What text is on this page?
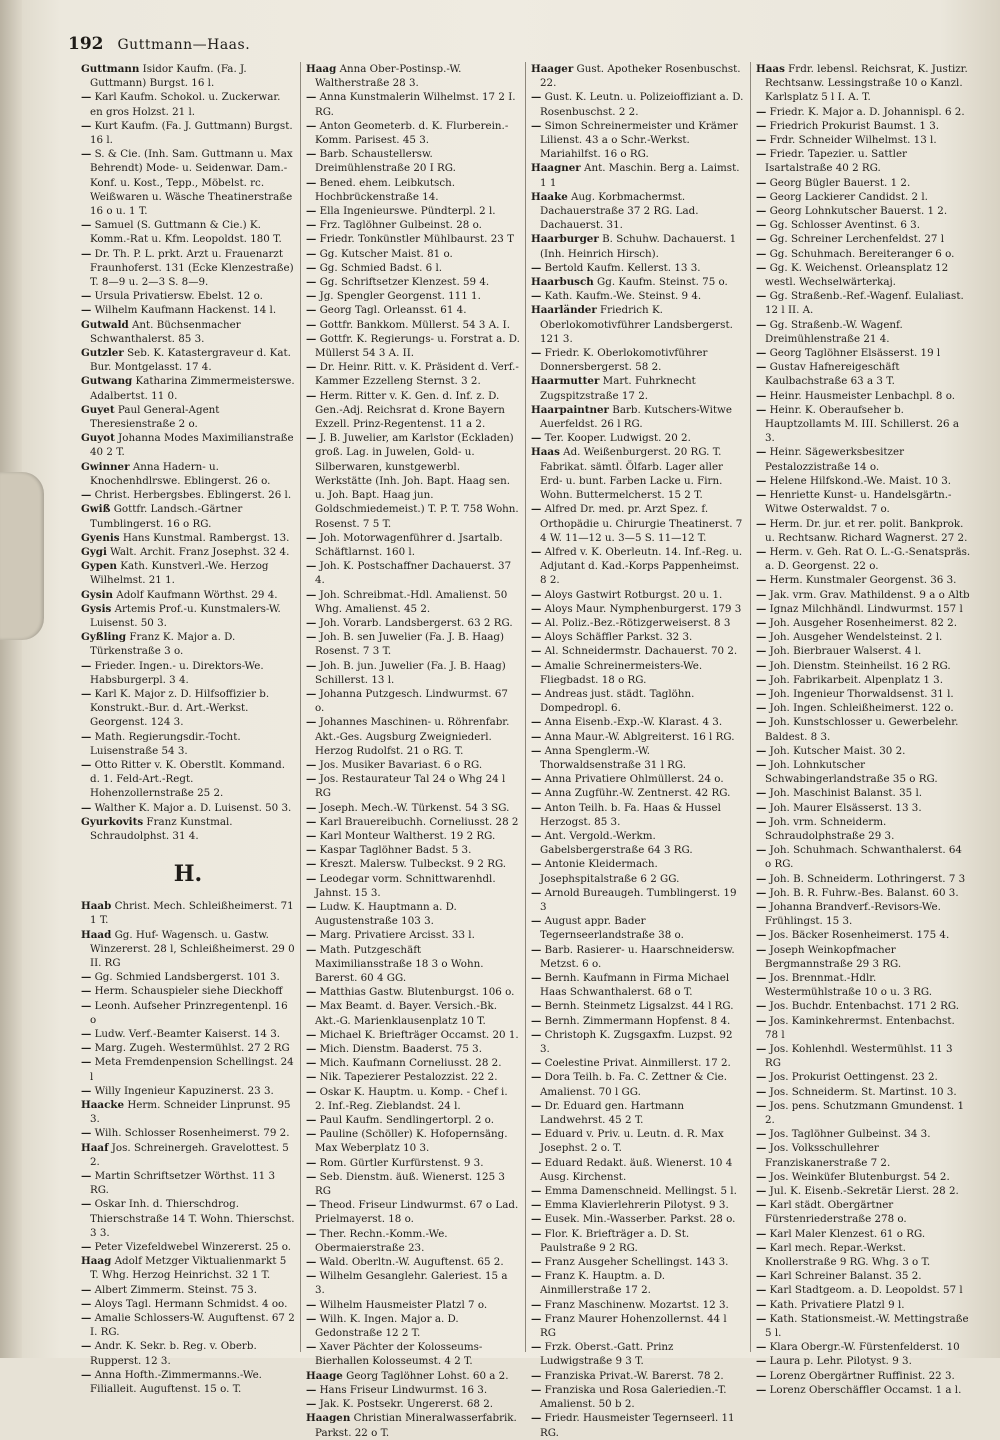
192 Guttmann—Haas.

Guttmann Isidor Kaufm. (Fa. J. Guttmann) Burgst. 16 l.

— Karl Kaufm. Schokol. u. Zuckerwar. en gros Holzst. 21 l.

— Kurt Kaufm. (Fa. J. Guttmann) Burgst. 16 l.

— S. & Cie. (Inh. Sam. Guttmann u. Max Behrendt) Mode- u. Seidenwar. Dam.-Konf. u. Kost., Tepp., Möbelst. rc. Weißwaren u. Wäsche Theatinerstraße 16 o u. 1 T.

— Samuel (S. Guttmann & Cie.) K. Komm.-Rat u. Kfm. Leopoldst. 180 T.

— Dr. Th. P. L. prkt. Arzt u. Frauenarzt Fraunhoferst. 131 (Ecke Klenzestraße) T. 8—9 u. 2—3 S. 8—9.

— Ursula Privatiersw. Ebelst. 12 o.

— Wilhelm Kaufmann Hackenst. 14 l.

Gutwald Ant. Büchsenmacher Schwanthalerst. 85 3.

Gutzler Seb. K. Katastergraveur d. Kat. Bur. Montgelasst. 17 4.

Gutwang Katharina Zimmermeisterswe. Adalbertst. 11 0.

Guyet Paul General-Agent Theresienstraße 2 o.

Guyot Johanna Modes Maximilianstraße 40 2 T.

Gwinner Anna Hadern- u. Knochenhdlrswe. Eblingerst. 26 o.

— Christ. Herbergsbes. Eblingerst. 26 l.

Gwiß Gottfr. Landsch.-Gärtner Tumblingerst. 16 o RG.

Gyenis Hans Kunstmal. Rambergst. 13.

Gygi Walt. Archit. Franz Josephst. 32 4.

Gypen Kath. Kunstverl.-We. Herzog Wilhelmst. 21 1.

Gysin Adolf Kaufmann Wörthst. 29 4.

Gysis Artemis Prof.-u. Kunstmalers-W. Luisenst. 50 3.

Gyßling Franz K. Major a. D. Türkenstraße 3 o.

— Frieder. Ingen.- u. Direktors-We. Habsburgerpl. 3 4.

— Karl K. Major z. D. Hilfsoffizier b. Konstrukt.-Bur. d. Art.-Werkst. Georgenst. 124 3.

— Math. Regierungsdir.-Tocht. Luisenstraße 54 3.

— Otto Ritter v. K. Oberstlt. Kommand. d. 1. Feld-Art.-Regt. Hohenzollernstraße 25 2.

— Walther K. Major a. D. Luisenst. 50 3.

Gyurkovits Franz Kunstmal. Schraudolphst. 31 4.

H.

Haab Christ. Mech. Schleißheimerst. 71 1 T.

Haad Gg. Huf- Wagensch. u. Gastw. Winzererst. 28 l, Schleißheimerst. 29 0 II. RG

— Gg. Schmied Landsbergerst. 101 3.

— Herm. Schauspieler siehe Dieckhoff

— Leonh. Aufseher Prinzregentenpl. 16 o

— Ludw. Verf.-Beamter Kaiserst. 14 3.

— Marg. Zugeh. Westermühlst. 27 2 RG

— Meta Fremdenpension Schellingst. 24 l

— Willy Ingenieur Kapuzinerst. 23 3.

Haacke Herm. Schneider Linprunst. 95 3.

— Wilh. Schlosser Rosenheimerst. 79 2.

Haaf Jos. Schreinergeh. Gravelottest. 5 2.

— Martin Schriftsetzer Wörthst. 11 3 RG.

— Oskar Inh. d. Thierschdrog. Thierschstraße 14 T. Wohn. Thierschst. 3 3.

— Peter Vizefeldwebel Winzererst. 25 o.

Haag Adolf Metzger Viktualienmarkt 5 T. Whg. Herzog Heinrichst. 32 1 T.

— Albert Zimmerm. Steinst. 75 3.

— Aloys Tagl. Hermann Schmidst. 4 oo.

— Amalie Schlossers-W. Auguftenst. 67 2 I. RG.

— Andr. K. Sekr. b. Reg. v. Oberb. Rupperst. 12 3.

— Anna Hofth.-Zimmermanns.-We. Filialleit. Auguftenst. 15 o. T.

Haag Anna Ober-Postinsp.-W. Waltherstraße 28 3.

— Anna Kunstmalerin Wilhelmst. 17 2 I. RG.

— Anton Geometerb. d. K. Flurberein.-Komm. Parisest. 45 3.

— Barb. Schaustellersw. Dreimühlenstraße 20 I RG.

— Bened. ehem. Leibkutsch. Hochbrückenstraße 14.

— Ella Ingenieurswe. Pündterpl. 2 l.

— Frz. Taglöhner Gulbeinst. 28 o.

— Friedr. Tonkünstler Mühlbaurst. 23 T

— Gg. Kutscher Maist. 81 o.

— Gg. Schmied Badst. 6 l.

— Gg. Schriftsetzer Klenzest. 59 4.

— Jg. Spengler Georgenst. 111 1.

— Georg Tagl. Orleansst. 61 4.

— Gottfr. Bankkom. Müllerst. 54 3 A. I.

— Gottfr. K. Regierungs- u. Forstrat a. D. Müllerst 54 3 A. II.

— Dr. Heinr. Ritt. v. K. Präsident d. Verf.-Kammer Ezzelleng Sternst. 3 2.

— Herm. Ritter v. K. Gen. d. Inf. z. D. Gen.-Adj. Reichsrat d. Krone Bayern Exzell. Prinz-Regentenst. 11 a 2.

— J. B. Juwelier, am Karlstor (Eckladen) groß. Lag. in Juwelen, Gold- u. Silberwaren, kunstgewerbl. Werkstätte (Inh. Joh. Bapt. Haag sen. u. Joh. Bapt. Haag jun. Goldschmiedemeist.) T. P. T. 758 Wohn. Rosenst. 7 5 T.

— Joh. Motorwagenführer d. Jsartalb. Schäftlarnst. 160 l.

— Joh. K. Postschaffner Dachauerst. 37 4.

— Joh. Schreibmat.-Hdl. Amalienst. 50 Whg. Amalienst. 45 2.

— Joh. Vorarb. Landsbergerst. 63 2 RG.

— Joh. B. sen Juwelier (Fa. J. B. Haag) Rosenst. 7 3 T.

— Joh. B. jun. Juwelier (Fa. J. B. Haag) Schillerst. 13 l.

— Johanna Putzgesch. Lindwurmst. 67 o.

— Johannes Maschinen- u. Röhrenfabr. Akt.-Ges. Augsburg Zweigniederl. Herzog Rudolfst. 21 o RG. T.

— Jos. Musiker Bavariast. 6 o RG.

— Jos. Restaurateur Tal 24 o Whg 24 l RG

— Joseph. Mech.-W. Türkenst. 54 3 SG.

— Karl Brauereibuchh. Corneliusst. 28 2

— Karl Monteur Waltherst. 19 2 RG.

— Kaspar Taglöhner Badst. 5 3.

— Kreszt. Malersw. Tulbeckst. 9 2 RG.

— Leodegar vorm. Schnittwarenhdl. Jahnst. 15 3.

— Ludw. K. Hauptmann a. D. Augustenstraße 103 3.

— Marg. Privatiere Arcisst. 33 l.

— Math. Putzgeschäft Maximiliansstraße 18 3 o Wohn. Barerst. 60 4 GG.

— Matthias Gastw. Blutenburgst. 106 o.

— Max Beamt. d. Bayer. Versich.-Bk. Akt.-G. Marienklausenplatz 10 T.

— Michael K. Briefträger Occamst. 20 1.

— Mich. Dienstm. Baaderst. 75 3.

— Mich. Kaufmann Corneliusst. 28 2.

— Nik. Tapezierer Pestalozzist. 22 2.

— Oskar K. Hauptm. u. Komp. - Chef i. 2. Inf.-Reg. Zieblandst. 24 l.

— Paul Kaufm. Sendlingertorpl. 2 o.

— Pauline (Schöller) K. Hofopernsäng. Max Weberplatz 10 3.

— Rom. Gürtler Kurfürstenst. 9 3.

— Seb. Dienstm. äuß. Wienerst. 125 3 RG

— Theod. Friseur Lindwurmst. 67 o Lad. Prielmayerst. 18 o.

— Ther. Rechn.-Komm.-We. Obermaierstraße 23.

— Wald. Oberltn.-W. Auguftenst. 65 2.

— Wilhelm Gesanglehr. Galeriest. 15 a 3.

— Wilhelm Hausmeister Platzl 7 o.

— Wilh. K. Ingen. Major a. D. Gedonstraße 12 2 T.

— Xaver Pächter der Kolosseums-Bierhallen Kolosseumst. 4 2 T.

Haage Georg Taglöhner Lohst. 60 a 2.

— Hans Friseur Lindwurmst. 16 3.

— Jak. K. Postsekr. Ungererst. 68 2.

Haagen Christian Mineralwasserfabrik. Parkst. 22 o T.

Haager Gust. Apotheker Rosenbuschst. 22.

— Gust. K. Leutn. u. Polizeioffiziant a. D. Rosenbuschst. 2 2.

— Simon Schreinermeister und Krämer Lilienst. 43 a o Schr.-Werkst. Mariahilfst. 16 o RG.

Haagner Ant. Maschin. Berg a. Laimst. 1 1

Haake Aug. Korbmachermst. Dachauerstraße 37 2 RG. Lad. Dachauerst. 31.

Haarburger B. Schuhw. Dachauerst. 1 (Inh. Heinrich Hirsch).

— Bertold Kaufm. Kellerst. 13 3.

Haarbusch Gg. Kaufm. Steinst. 75 o.

— Kath. Kaufm.-We. Steinst. 9 4.

Haarländer Friedrich K. Oberlokomotivführer Landsbergerst. 121 3.

— Friedr. K. Oberlokomotivführer Donnersbergerst. 58 2.

Haarmutter Mart. Fuhrknecht Zugspitzstraße 17 2.

Haarpaintner Barb. Kutschers-Witwe Auerfeldst. 26 l RG.

— Ter. Kooper. Ludwigst. 20 2.

Haas Ad. Weißenburgerst. 20 RG. T. Fabrikat. sämtl. Ölfarb. Lager aller Erd- u. bunt. Farben Lacke u. Firn. Wohn. Buttermelcherst. 15 2 T.

— Alfred Dr. med. pr. Arzt Spez. f. Orthopädie u. Chirurgie Theatinerst. 7 4 W. 11—12 u. 3—5 S. 11—12 T.

— Alfred v. K. Oberleutn. 14. Inf.-Reg. u. Adjutant d. Kad.-Korps Pappenheimst. 8 2.

— Aloys Gastwirt Rotburgst. 20 u. 1.

— Aloys Maur. Nymphenburgerst. 179 3

— Al. Poliz.-Bez.-Rötizgerweiserst. 8 3

— Aloys Schäffler Parkst. 32 3.

— Al. Schneidermstr. Dachauerst. 70 2.

— Amalie Schreinermeisters-We. Fliegbadst. 18 o RG.

— Andreas just. städt. Taglöhn. Dompedropl. 6.

— Anna Eisenb.-Exp.-W. Klarast. 4 3.

— Anna Maur.-W. Ablgreiterst. 16 l RG.

— Anna Spenglerm.-W. Thorwaldsenstraße 31 l RG.

— Anna Privatiere Ohlmüllerst. 24 o.

— Anna Zugführ.-W. Zentnerst. 42 RG.

— Anton Teilh. b. Fa. Haas & Hussel Herzogst. 85 3.

— Ant. Vergold.-Werkm. Gabelsbergerstraße 64 3 RG.

— Antonie Kleidermach. Josephspitalstraße 6 2 GG.

— Arnold Bureaugeh. Tumblingerst. 19 3

— August appr. Bader Tegernseerlandstraße 38 o.

— Barb. Rasierer- u. Haarschneidersw. Metzst. 6 o.

— Bernh. Kaufmann in Firma Michael Haas Schwanthalerst. 68 o T.

— Bernh. Steinmetz Ligsalzst. 44 l RG.

— Bernh. Zimmermann Hopfenst. 8 4.

— Christoph K. Zugsgaxfm. Luzpst. 92 3.

— Coelestine Privat. Ainmillerst. 17 2.

— Dora Teilh. b. Fa. C. Zettner & Cie. Amalienst. 70 l GG.

— Dr. Eduard gen. Hartmann Landwehrst. 45 2 T.

— Eduard v. Priv. u. Leutn. d. R. Max Josephst. 2 o. T.

— Eduard Redakt. äuß. Wienerst. 10 4 Ausg. Kirchenst.

— Emma Damenschneid. Mellingst. 5 l.

— Emma Klavierlehrerin Pilotyst. 9 3.

— Eusek. Min.-Wasserber. Parkst. 28 o.

— Flor. K. Briefträger a. D. St. Paulstraße 9 2 RG.

— Franz Ausgeher Schellingst. 143 3.

— Franz K. Hauptm. a. D. Ainmillerstraße 17 2.

— Franz Maschinenw. Mozartst. 12 3.

— Franz Maurer Hohenzollernst. 44 l RG

— Frzk. Oberst.-Gatt. Prinz Ludwigstraße 9 3 T.

— Franziska Privat.-W. Barerst. 78 2.

— Franziska und Rosa Galeriedien.-T. Amalienst. 50 b 2.

— Friedr. Hausmeister Tegernseerl. 11 RG.

Haas Frdr. lebensl. Reichsrat, K. Justizr. Rechtsanw. Lessingstraße 10 o Kanzl. Karlsplatz 5 l I. A. T.

— Friedr. K. Major a. D. Johannispl. 6 2.

— Friedrich Prokurist Baumst. 1 3.

— Frdr. Schneider Wilhelmst. 13 l.

— Friedr. Tapezier. u. Sattler Isartalstraße 40 2 RG.

— Georg Bügler Bauerst. 1 2.

— Georg Lackierer Candidst. 2 l.

— Georg Lohnkutscher Bauerst. 1 2.

— Gg. Schlosser Aventinst. 6 3.

— Gg. Schreiner Lerchenfeldst. 27 l

— Gg. Schuhmach. Bereiteranger 6 o.

— Gg. K. Weichenst. Orleansplatz 12 westl. Wechselwärterkaj.

— Gg. Straßenb.-Ref.-Wagenf. Eulaliast. 12 l II. A.

— Gg. Straßenb.-W. Wagenf. Dreimühlenstraße 21 4.

— Georg Taglöhner Elsässerst. 19 l

— Gustav Hafnereigeschäft Kaulbachstraße 63 a 3 T.

— Heinr. Hausmeister Lenbachpl. 8 o.

— Heinr. K. Oberaufseher b. Hauptzollamts M. III. Schillerst. 26 a 3.

— Heinr. Sägewerksbesitzer Pestalozzistraße 14 o.

— Helene Hilfskond.-We. Maist. 10 3.

— Henriette Kunst- u. Handelsgärtn.-Witwe Osterwaldst. 7 o.

— Herm. Dr. jur. et rer. polit. Bankprok. u. Rechtsanw. Richard Wagnerst. 27 2.

— Herm. v. Geh. Rat O. L.-G.-Senatspräs. a. D. Georgenst. 22 o.

— Herm. Kunstmaler Georgenst. 36 3.

— Jak. vrm. Grav. Mathildenst. 9 a o Altb

— Ignaz Milchhändl. Lindwurmst. 157 l

— Joh. Ausgeher Rosenheimerst. 82 2.

— Joh. Ausgeher Wendelsteinst. 2 l.

— Joh. Bierbrauer Walserst. 4 l.

— Joh. Dienstm. Steinheilst. 16 2 RG.

— Joh. Fabrikarbeit. Alpenplatz 1 3.

— Joh. Ingenieur Thorwaldsenst. 31 l.

— Joh. Ingen. Schleißheimerst. 122 o.

— Joh. Kunstschlosser u. Gewerbelehr. Baldest. 8 3.

— Joh. Kutscher Maist. 30 2.

— Joh. Lohnkutscher Schwabingerlandstraße 35 o RG.

— Joh. Maschinist Balanst. 35 l.

— Joh. Maurer Elsässerst. 13 3.

— Joh. vrm. Schneiderm. Schraudolphstraße 29 3.

— Joh. Schuhmach. Schwanthalerst. 64 o RG.

— Joh. B. Schneiderm. Lothringerst. 7 3

— Joh. B. R. Fuhrw.-Bes. Balanst. 60 3.

— Johanna Brandverf.-Revisors-We. Frühlingst. 15 3.

— Jos. Bäcker Rosenheimerst. 175 4.

— Joseph Weinkopfmacher Bergmannstraße 29 3 RG.

— Jos. Brennmat.-Hdlr. Westermühlstraße 10 o u. 3 RG.

— Jos. Buchdr. Entenbachst. 171 2 RG.

— Jos. Kaminkehrermst. Entenbachst. 78 l

— Jos. Kohlenhdl. Westermühlst. 11 3 RG

— Jos. Prokurist Oettingenst. 23 2.

— Jos. Schneiderm. St. Martinst. 10 3.

— Jos. pens. Schutzmann Gmundenst. 1 2.

— Jos. Taglöhner Gulbeinst. 34 3.

— Jos. Volksschullehrer Franziskanerstraße 7 2.

— Jos. Weinküfer Blutenburgst. 54 2.

— Jul. K. Eisenb.-Sekretär Lierst. 28 2.

— Karl städt. Obergärtner Fürstenriederstraße 278 o.

— Karl Maler Klenzest. 61 o RG.

— Karl mech. Repar.-Werkst. Knollerstraße 9 RG. Whg. 3 o T.

— Karl Schreiner Balanst. 35 2.

— Karl Stadtgeom. a. D. Leopoldst. 57 l

— Kath. Privatiere Platzl 9 l.

— Kath. Stationsmeist.-W. Mettingstraße 5 l.

— Klara Obergr.-W. Fürstenfelderst. 10

— Laura p. Lehr. Pilotyst. 9 3.

— Lorenz Obergärtner Ruffinist. 22 3.

— Lorenz Oberschäffler Occamst. 1 a l.
